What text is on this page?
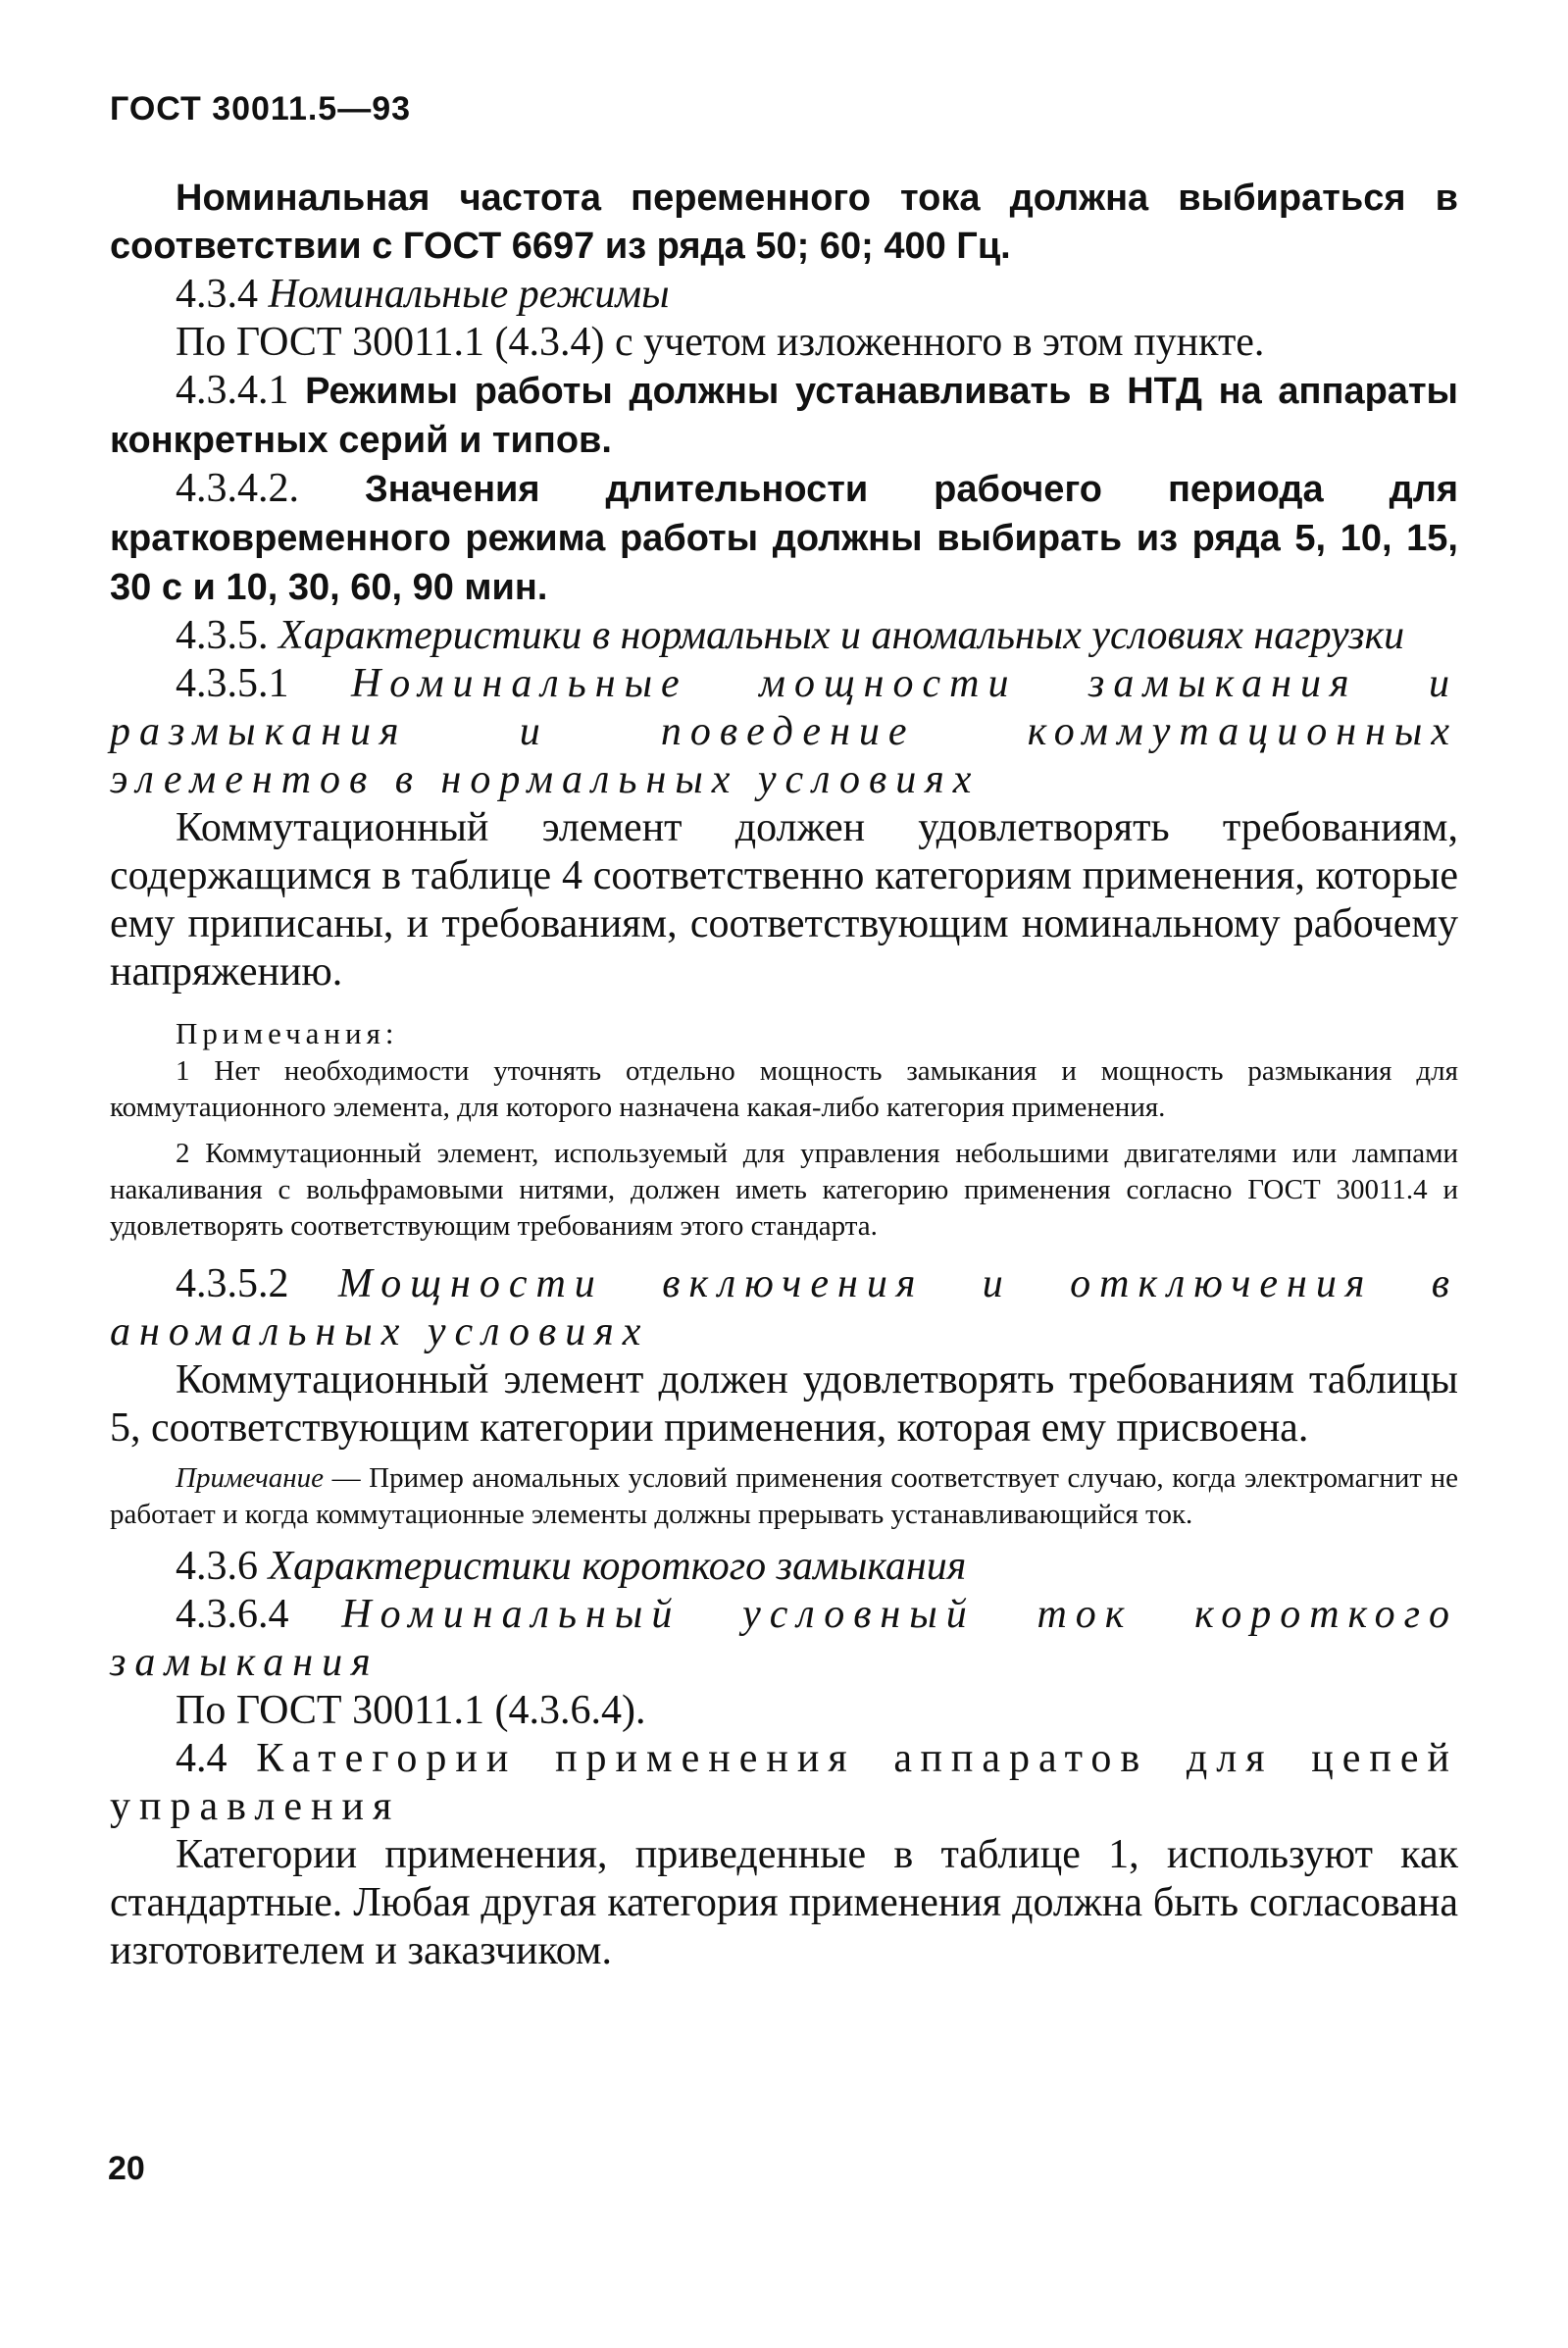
ГОСТ 30011.5—93

Номинальная частота переменного тока должна выбираться в соответствии с ГОСТ 6697 из ряда 50; 60; 400 Гц.

4.3.4 Номинальные режимы

По ГОСТ 30011.1 (4.3.4) с учетом изложенного в этом пункте.

4.3.4.1 Режимы работы должны устанавливать в НТД на аппараты конкретных серий и типов.

4.3.4.2. Значения длительности рабочего периода для кратковременного режима работы должны выбирать из ряда 5, 10, 15, 30 с и 10, 30, 60, 90 мин.

4.3.5. Характеристики в нормальных и аномальных условиях нагрузки

4.3.5.1 Номинальные мощности замыкания и размыкания и поведение коммутационных элементов в нормальных условиях

Коммутационный элемент должен удовлетворять требованиям, содержащимся в таблице 4 соответственно категориям применения, которые ему приписаны, и требованиям, соответствующим номинальному рабочему напряжению.

Примечания:

1 Нет необходимости уточнять отдельно мощность замыкания и мощность размыкания для коммутационного элемента, для которого назначена какая-либо категория применения.

2 Коммутационный элемент, используемый для управления небольшими двигателями или лампами накаливания с вольфрамовыми нитями, должен иметь категорию применения согласно ГОСТ 30011.4 и удовлетворять соответствующим требованиям этого стандарта.

4.3.5.2 Мощности включения и отключения в аномальных условиях

Коммутационный элемент должен удовлетворять требованиям таблицы 5, соответствующим категории применения, которая ему присвоена.

Примечание — Пример аномальных условий применения соответствует случаю, когда электромагнит не работает и когда коммутационные элементы должны прерывать устанавливающийся ток.

4.3.6 Характеристики короткого замыкания

4.3.6.4 Номинальный условный ток короткого замыкания

По ГОСТ 30011.1 (4.3.6.4).

4.4 Категории применения аппаратов для цепей управления

Категории применения, приведенные в таблице 1, используют как стандартные. Любая другая категория применения должна быть согласована изготовителем и заказчиком.

20
